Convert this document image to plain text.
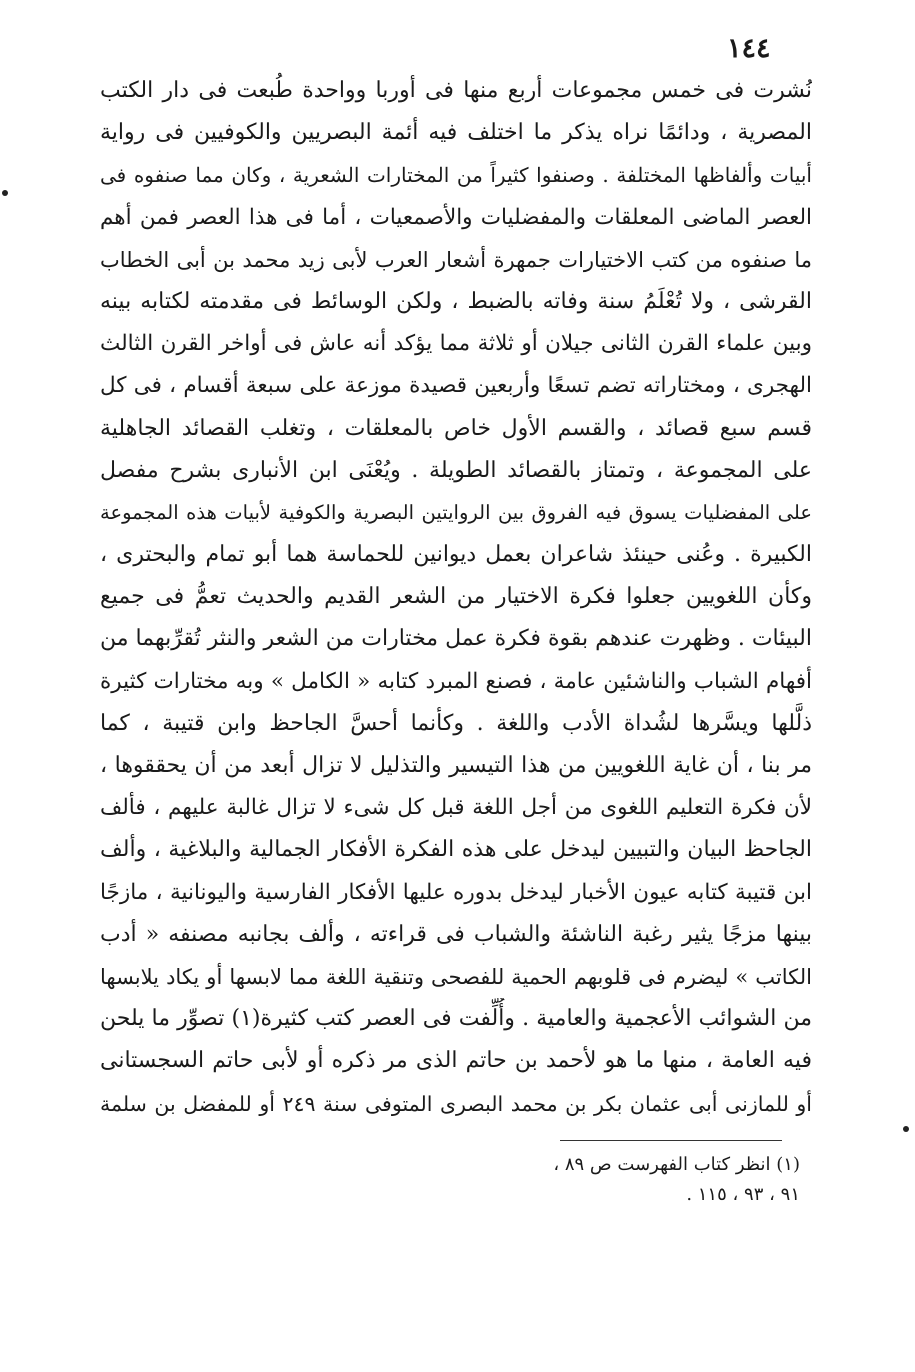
١٤٤
نُشرت فى خمس مجموعات أربع منها فى أوربا وواحدة طُبعت فى دار الكتب
المصرية ، ودائمًا نراه يذكر ما اختلف فيه أئمة البصريين والكوفيين فى رواية
أبيات وألفاظها المختلفة . وصنفوا كثيراً من المختارات الشعرية ، وكان مما صنفوه فى
العصر الماضى المعلقات والمفضليات والأصمعيات ، أما فى هذا العصر فمن أهم
ما صنفوه من كتب الاختيارات جمهرة أشعار العرب لأبى زيد محمد بن أبى الخطاب
القرشى ، ولا تُعْلَمُ سنة وفاته بالضبط ، ولكن الوسائط فى مقدمته لكتابه بينه
وبين علماء القرن الثانى جيلان أو ثلاثة مما يؤكد أنه عاش فى أواخر القرن الثالث
الهجرى ، ومختاراته تضم تسعًا وأربعين قصيدة موزعة على سبعة أقسام ، فى كل
قسم سبع قصائد ، والقسم الأول خاص بالمعلقات ، وتغلب القصائد الجاهلية
على المجموعة ، وتمتاز بالقصائد الطويلة . ويُعْنَى ابن الأنبارى بشرح مفصل
على المفضليات يسوق فيه الفروق بين الروايتين البصرية والكوفية لأبيات هذه المجموعة
الكبيرة . وعُنى حينئذ شاعران بعمل ديوانين للحماسة هما أبو تمام والبحترى ،
وكأن اللغويين جعلوا فكرة الاختيار من الشعر القديم والحديث تعمُّ فى جميع
البيئات . وظهرت عندهم بقوة فكرة عمل مختارات من الشعر والنثر تُقرِّبهما من
أفهام الشباب والناشئين عامة ، فصنع المبرد كتابه « الكامل » وبه مختارات كثيرة
ذلَّلها ويسَّرها لشُداة الأدب واللغة . وكأنما أحسَّ الجاحظ وابن قتيبة ، كما
مر بنا ، أن غاية اللغويين من هذا التيسير والتذليل لا تزال أبعد من أن يحققوها ،
لأن فكرة التعليم اللغوى من أجل اللغة قبل كل شىء لا تزال غالبة عليهم ، فألف
الجاحظ البيان والتبيين ليدخل على هذه الفكرة الأفكار الجمالية والبلاغية ، وألف
ابن قتيبة كتابه عيون الأخبار ليدخل بدوره عليها الأفكار الفارسية واليونانية ، مازجًا
بينها مزجًا يثير رغبة الناشئة والشباب فى قراءته ، وألف بجانبه مصنفه « أدب
الكاتب » ليضرم فى قلوبهم الحمية للفصحى وتنقية اللغة مما لابسها أو يكاد يلابسها
من الشوائب الأعجمية والعامية . وأُلِّفت فى العصر كتب كثيرة(١) تصوِّر ما يلحن
فيه العامة ، منها ما هو لأحمد بن حاتم الذى مر ذكره أو لأبى حاتم السجستانى
أو للمازنى أبى عثمان بكر بن محمد البصرى المتوفى سنة ٢٤٩ أو للمفضل بن سلمة
(١) انظر كتاب الفهرست ص ٨٩ ،
٩١ ، ٩٣ ، ١١٥ .
